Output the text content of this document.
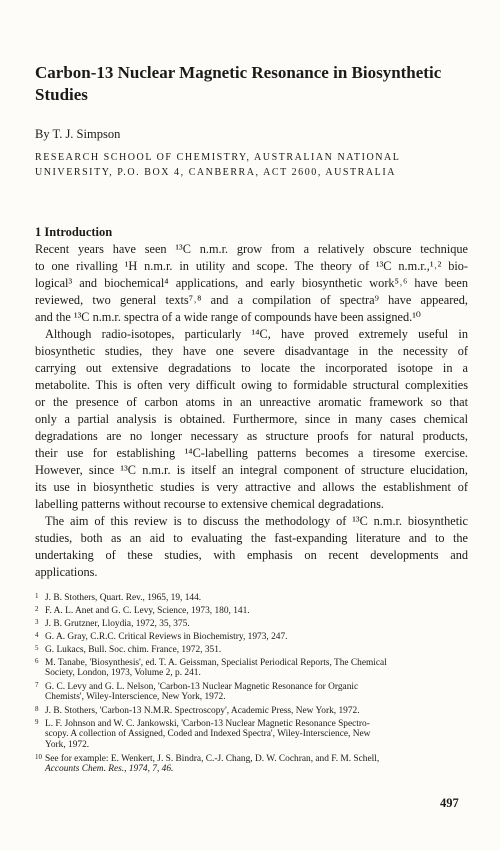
Carbon-13 Nuclear Magnetic Resonance in Biosynthetic Studies

By T. J. Simpson

RESEARCH SCHOOL OF CHEMISTRY, AUSTRALIAN NATIONAL

UNIVERSITY, P.O. BOX 4, CANBERRA, ACT 2600, AUSTRALIA

1 Introduction

Recent years have seen ¹³C n.m.r. grow from a relatively obscure technique

to one rivalling ¹H n.m.r. in utility and scope. The theory of ¹³C n.m.r.,¹˒² bio-

logical³ and biochemical⁴ applications, and early biosynthetic work⁵˒⁶ have been

reviewed, two general texts⁷˒⁸ and a compilation of spectra⁹ have appeared,

and the ¹³C n.m.r. spectra of a wide range of compounds have been assigned.¹⁰

Although radio-isotopes, particularly ¹⁴C, have proved extremely useful in

biosynthetic studies, they have one severe disadvantage in the necessity of

carrying out extensive degradations to locate the incorporated isotope in a

metabolite. This is often very difficult owing to formidable structural complexities

or the presence of carbon atoms in an unreactive aromatic framework so that

only a partial analysis is obtained. Furthermore, since in many cases chemical

degradations are no longer necessary as structure proofs for natural products,

their use for establishing ¹⁴C-labelling patterns becomes a tiresome exercise.

However, since ¹³C n.m.r. is itself an integral component of structure elucidation,

its use in biosynthetic studies is very attractive and allows the establishment of

labelling patterns without recourse to extensive chemical degradations.

The aim of this review is to discuss the methodology of ¹³C n.m.r. biosynthetic

studies, both as an aid to evaluating the fast-expanding literature and to the

undertaking of these studies, with emphasis on recent developments and

applications.

1 J. B. Stothers, Quart. Rev., 1965, 19, 144.

2 F. A. L. Anet and G. C. Levy, Science, 1973, 180, 141.

3 J. B. Grutzner, Lloydia, 1972, 35, 375.

4 G. A. Gray, C.R.C. Critical Reviews in Biochemistry, 1973, 247.

5 G. Lukacs, Bull. Soc. chim. France, 1972, 351.

6 M. Tanabe, 'Biosynthesis', ed. T. A. Geissman, Specialist Periodical Reports, The Chemical

Society, London, 1973, Volume 2, p. 241.

7 G. C. Levy and G. L. Nelson, 'Carbon-13 Nuclear Magnetic Resonance for Organic

Chemists', Wiley-Interscience, New York, 1972.

8 J. B. Stothers, 'Carbon-13 N.M.R. Spectroscopy', Academic Press, New York, 1972.

9 L. F. Johnson and W. C. Jankowski, 'Carbon-13 Nuclear Magnetic Resonance Spectro-

scopy. A collection of Assigned, Coded and Indexed Spectra', Wiley-Interscience, New

York, 1972.

10 See for example: E. Wenkert, J. S. Bindra, C.-J. Chang, D. W. Cochran, and F. M. Schell,

Accounts Chem. Res., 1974, 7, 46.

497
